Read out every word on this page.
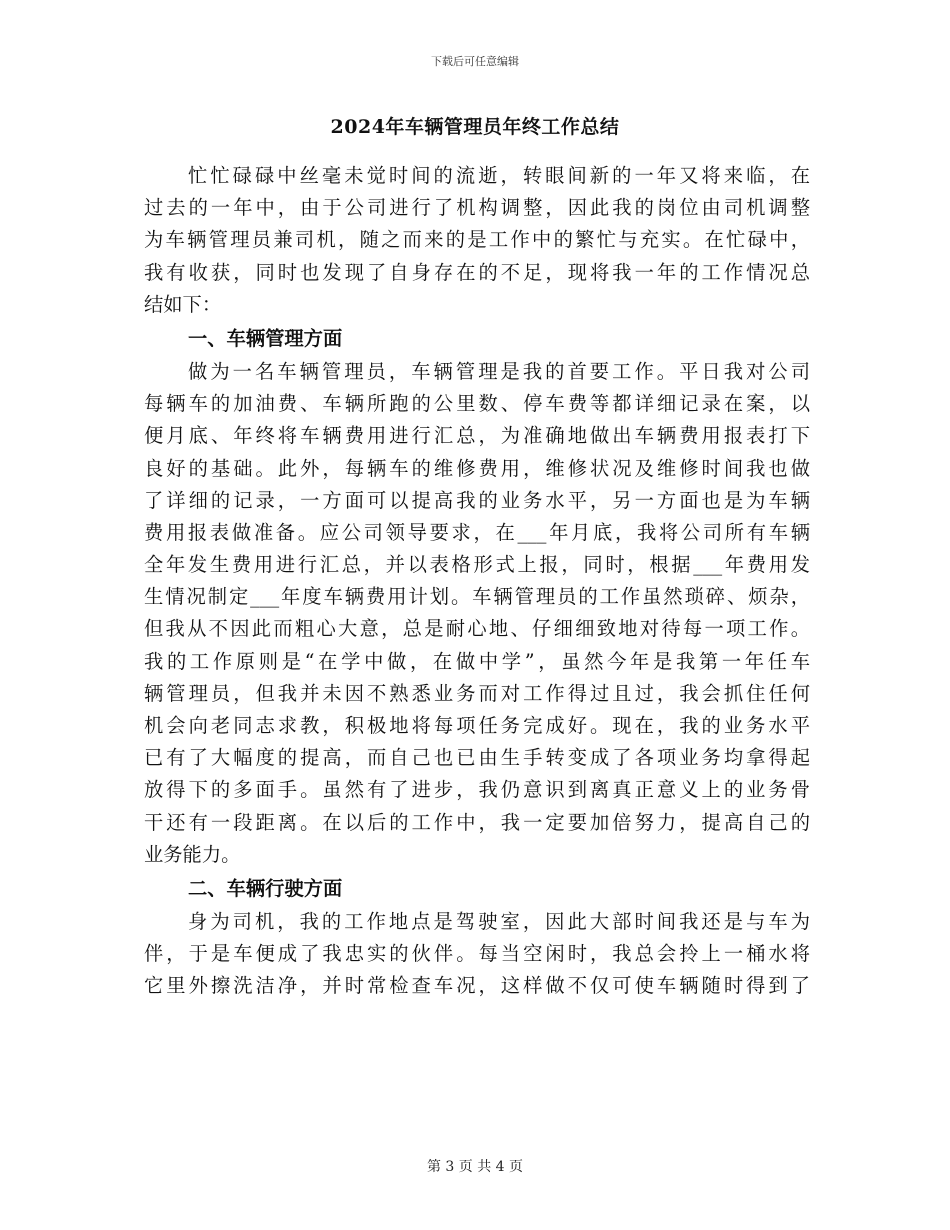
下载后可任意编辑
2024年车辆管理员年终工作总结
忙忙碌碌中丝毫未觉时间的流逝，转眼间新的一年又将来临，在
过去的一年中，由于公司进行了机构调整，因此我的岗位由司机调整
为车辆管理员兼司机，随之而来的是工作中的繁忙与充实。在忙碌中，
我有收获，同时也发现了自身存在的不足，现将我一年的工作情况总
结如下：
一、车辆管理方面
做为一名车辆管理员，车辆管理是我的首要工作。平日我对公司
每辆车的加油费、车辆所跑的公里数、停车费等都详细记录在案，以
便月底、年终将车辆费用进行汇总，为准确地做出车辆费用报表打下
良好的基础。此外，每辆车的维修费用，维修状况及维修时间我也做
了详细的记录，一方面可以提高我的业务水平，另一方面也是为车辆
费用报表做准备。应公司领导要求，在___年月底，我将公司所有车辆
全年发生费用进行汇总，并以表格形式上报，同时，根据___年费用发
生情况制定___年度车辆费用计划。车辆管理员的工作虽然琐碎、烦杂，
但我从不因此而粗心大意，总是耐心地、仔细细致地对待每一项工作。
我的工作原则是“在学中做，在做中学”，虽然今年是我第一年任车
辆管理员，但我并未因不熟悉业务而对工作得过且过，我会抓住任何
机会向老同志求教，积极地将每项任务完成好。现在，我的业务水平
已有了大幅度的提高，而自己也已由生手转变成了各项业务均拿得起
放得下的多面手。虽然有了进步，我仍意识到离真正意义上的业务骨
干还有一段距离。在以后的工作中，我一定要加倍努力，提高自己的
业务能力。
二、车辆行驶方面
身为司机，我的工作地点是驾驶室，因此大部时间我还是与车为
伴，于是车便成了我忠实的伙伴。每当空闲时，我总会拎上一桶水将
它里外擦洗洁净，并时常检查车况，这样做不仅可使车辆随时得到了
第 3 页 共 4 页
